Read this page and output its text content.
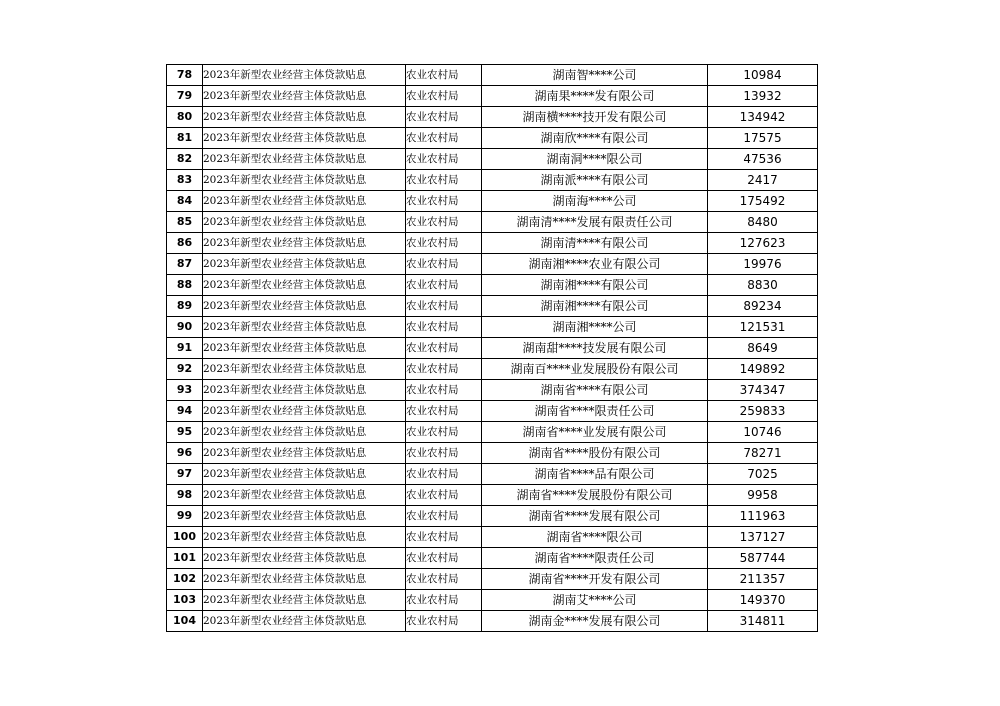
78	2023年新型农业经营主体贷款贴息	农业农村局	湖南智****公司	10984
79	2023年新型农业经营主体贷款贴息	农业农村局	湖南果****发有限公司	13932
80	2023年新型农业经营主体贷款贴息	农业农村局	湖南横****技开发有限公司	134942
81	2023年新型农业经营主体贷款贴息	农业农村局	湖南欣****有限公司	17575
82	2023年新型农业经营主体贷款贴息	农业农村局	湖南洞****限公司	47536
83	2023年新型农业经营主体贷款贴息	农业农村局	湖南派****有限公司	2417
84	2023年新型农业经营主体贷款贴息	农业农村局	湖南海****公司	175492
85	2023年新型农业经营主体贷款贴息	农业农村局	湖南清****发展有限责任公司	8480
86	2023年新型农业经营主体贷款贴息	农业农村局	湖南清****有限公司	127623
87	2023年新型农业经营主体贷款贴息	农业农村局	湖南湘****农业有限公司	19976
88	2023年新型农业经营主体贷款贴息	农业农村局	湖南湘****有限公司	8830
89	2023年新型农业经营主体贷款贴息	农业农村局	湖南湘****有限公司	89234
90	2023年新型农业经营主体贷款贴息	农业农村局	湖南湘****公司	121531
91	2023年新型农业经营主体贷款贴息	农业农村局	湖南甜****技发展有限公司	8649
92	2023年新型农业经营主体贷款贴息	农业农村局	湖南百****业发展股份有限公司	149892
93	2023年新型农业经营主体贷款贴息	农业农村局	湖南省****有限公司	374347
94	2023年新型农业经营主体贷款贴息	农业农村局	湖南省****限责任公司	259833
95	2023年新型农业经营主体贷款贴息	农业农村局	湖南省****业发展有限公司	10746
96	2023年新型农业经营主体贷款贴息	农业农村局	湖南省****股份有限公司	78271
97	2023年新型农业经营主体贷款贴息	农业农村局	湖南省****品有限公司	7025
98	2023年新型农业经营主体贷款贴息	农业农村局	湖南省****发展股份有限公司	9958
99	2023年新型农业经营主体贷款贴息	农业农村局	湖南省****发展有限公司	111963
100	2023年新型农业经营主体贷款贴息	农业农村局	湖南省****限公司	137127
101	2023年新型农业经营主体贷款贴息	农业农村局	湖南省****限责任公司	587744
102	2023年新型农业经营主体贷款贴息	农业农村局	湖南省****开发有限公司	211357
103	2023年新型农业经营主体贷款贴息	农业农村局	湖南艾****公司	149370
104	2023年新型农业经营主体贷款贴息	农业农村局	湖南金****发展有限公司	314811
